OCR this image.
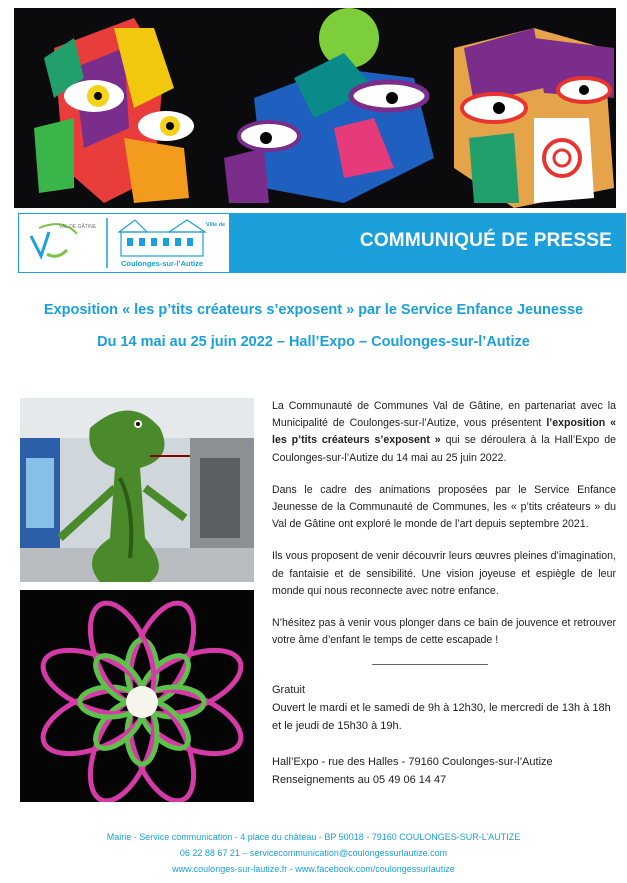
VAL DE GÂTINE	Ville de
Coulonges-sur-l’Autize
COMMUNIQUÉ DE PRESSE
Exposition « les p’tits créateurs s’exposent » par le Service Enfance Jeunesse
Du 14 mai au 25 juin 2022 – Hall’Expo – Coulonges-sur-l’Autize

La Communauté de Communes Val de Gâtine, en partenariat avec la Municipalité de Coulonges-sur-l’Autize, vous présentent l’exposition « les p’tits créateurs s’exposent » qui se déroulera à la Hall’Expo de Coulonges-sur-l’Autize du 14 mai au 25 juin 2022.

Dans le cadre des animations proposées par le Service Enfance Jeunesse de la Communauté de Communes, les « p’tits créateurs » du Val de Gâtine ont exploré le monde de l’art depuis septembre 2021.

Ils vous proposent de venir découvrir leurs œuvres pleines d’imagination, de fantaisie et de sensibilité. Une vision joyeuse et espiègle de leur monde qui nous reconnecte avec notre enfance.

N’hésitez pas à venir vous plonger dans ce bain de jouvence et retrouver votre âme d’enfant le temps de cette escapade !

Gratuit
Ouvert le mardi et le samedi de 9h à 12h30, le mercredi de 13h à 18h et le jeudi de 15h30 à 19h.
Hall’Expo - rue des Halles - 79160 Coulonges-sur-l’Autize
Renseignements au 05 49 06 14 47
Mairie - Service communication - 4 place du château - BP 50018 - 79160 COULONGES-SUR-L’AUTIZE
06 22 88 67 21 – servicecommunication@coulongessurlautize.com
www.coulonges-sur-lautize.fr - www.facebook.com/coulongessurlautize
